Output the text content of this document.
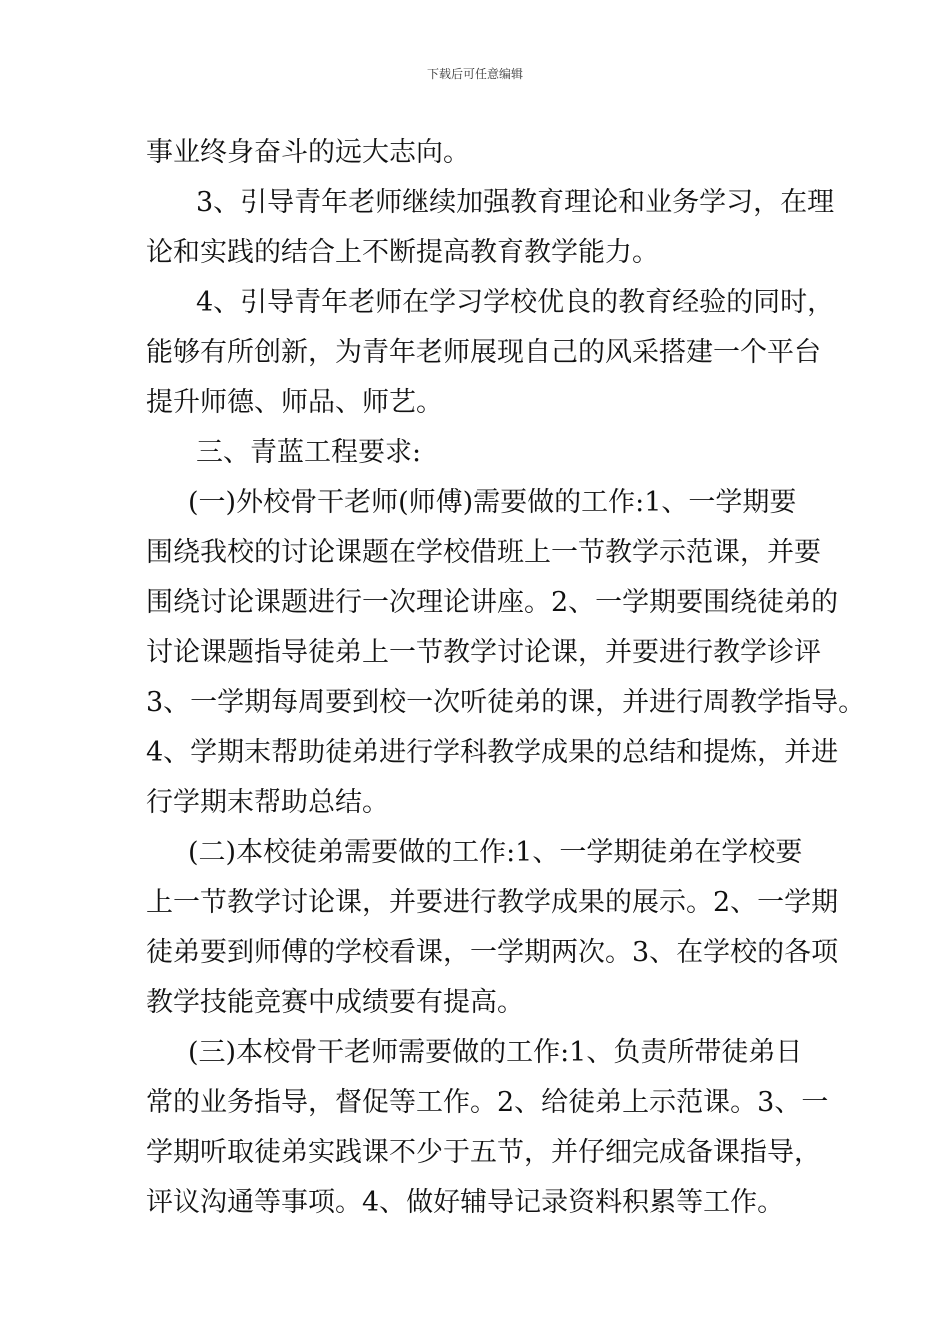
下载后可任意编辑
事业终身奋斗的远大志向。
3、引导青年老师继续加强教育理论和业务学习，在理
论和实践的结合上不断提高教育教学能力。
4、引导青年老师在学习学校优良的教育经验的同时，
能够有所创新，为青年老师展现自己的风采搭建一个平台
提升师德、师品、师艺。
三、青蓝工程要求:
(一)外校骨干老师(师傅)需要做的工作:1、一学期要
围绕我校的讨论课题在学校借班上一节教学示范课，并要
围绕讨论课题进行一次理论讲座。2、一学期要围绕徒弟的
讨论课题指导徒弟上一节教学讨论课，并要进行教学诊评
3、一学期每周要到校一次听徒弟的课，并进行周教学指导。
4、学期末帮助徒弟进行学科教学成果的总结和提炼，并进
行学期末帮助总结。
(二)本校徒弟需要做的工作:1、一学期徒弟在学校要
上一节教学讨论课，并要进行教学成果的展示。2、一学期
徒弟要到师傅的学校看课，一学期两次。3、在学校的各项
教学技能竞赛中成绩要有提高。
(三)本校骨干老师需要做的工作:1、负责所带徒弟日
常的业务指导，督促等工作。2、给徒弟上示范课。3、一
学期听取徒弟实践课不少于五节，并仔细完成备课指导，
评议沟通等事项。4、做好辅导记录资料积累等工作。
